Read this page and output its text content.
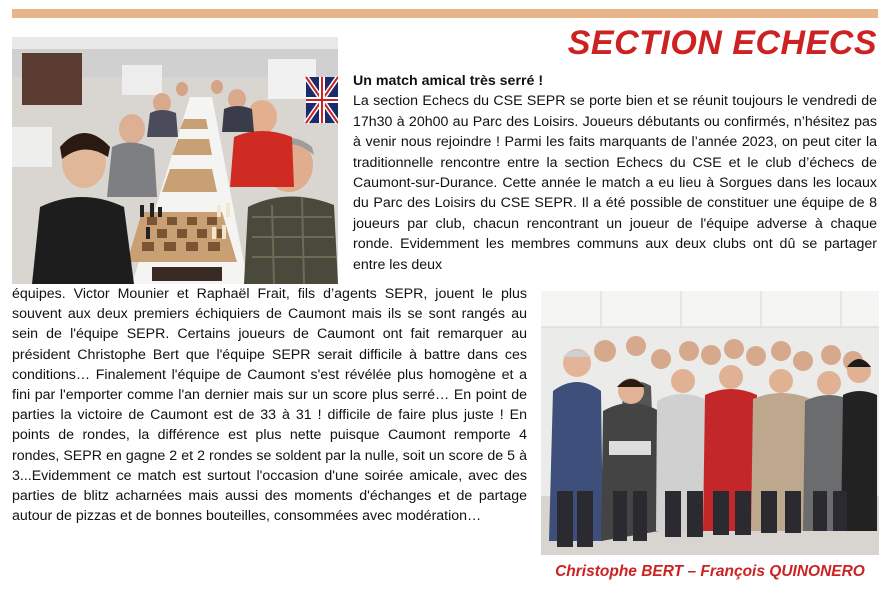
SECTION ECHECS
Un match amical très serré !

La section Echecs du CSE SEPR se porte bien et se réunit toujours le vendredi de 17h30 à 20h00 au Parc des Loisirs. Joueurs débutants ou confirmés, n’hésitez pas à venir nous rejoindre ! Parmi les faits marquants de l’année 2023, on peut citer la traditionnelle rencontre entre la section Echecs du CSE et le club d’échecs de Caumont-sur-Durance. Cette année le match a eu lieu à Sorgues dans les locaux du Parc des Loisirs du CSE SEPR. Il a été possible de constituer une équipe de 8 joueurs par club, chacun rencontrant un joueur de l'équipe adverse à chaque ronde. Evidemment les membres communs aux deux clubs ont dû se partager entre les deux

équipes. Victor Mounier et Raphaël Frait, fils d’agents SEPR, jouent le plus souvent aux deux premiers échiquiers de Caumont mais ils se sont rangés au sein de l'équipe SEPR. Certains joueurs de Caumont ont fait remarquer au président Christophe Bert que l'équipe SEPR serait difficile à battre dans ces conditions… Finalement l'équipe de Caumont s'est révélée plus homogène et a fini par l'emporter comme l'an dernier mais sur un score plus serré… En point de parties la victoire de Caumont est de 33 à 31 ! difficile de faire plus juste ! En points de rondes, la différence est plus nette puisque Caumont remporte 4 rondes, SEPR en gagne 2 et 2 rondes se soldent par la nulle, soit un score de 5 à 3...Evidemment ce match est surtout l'occasion d'une soirée amicale, avec des parties de blitz acharnées mais aussi des moments d'échanges et de partage autour de pizzas et de bonnes bouteilles, consommées avec modération…

Christophe BERT – François QUINONERO
